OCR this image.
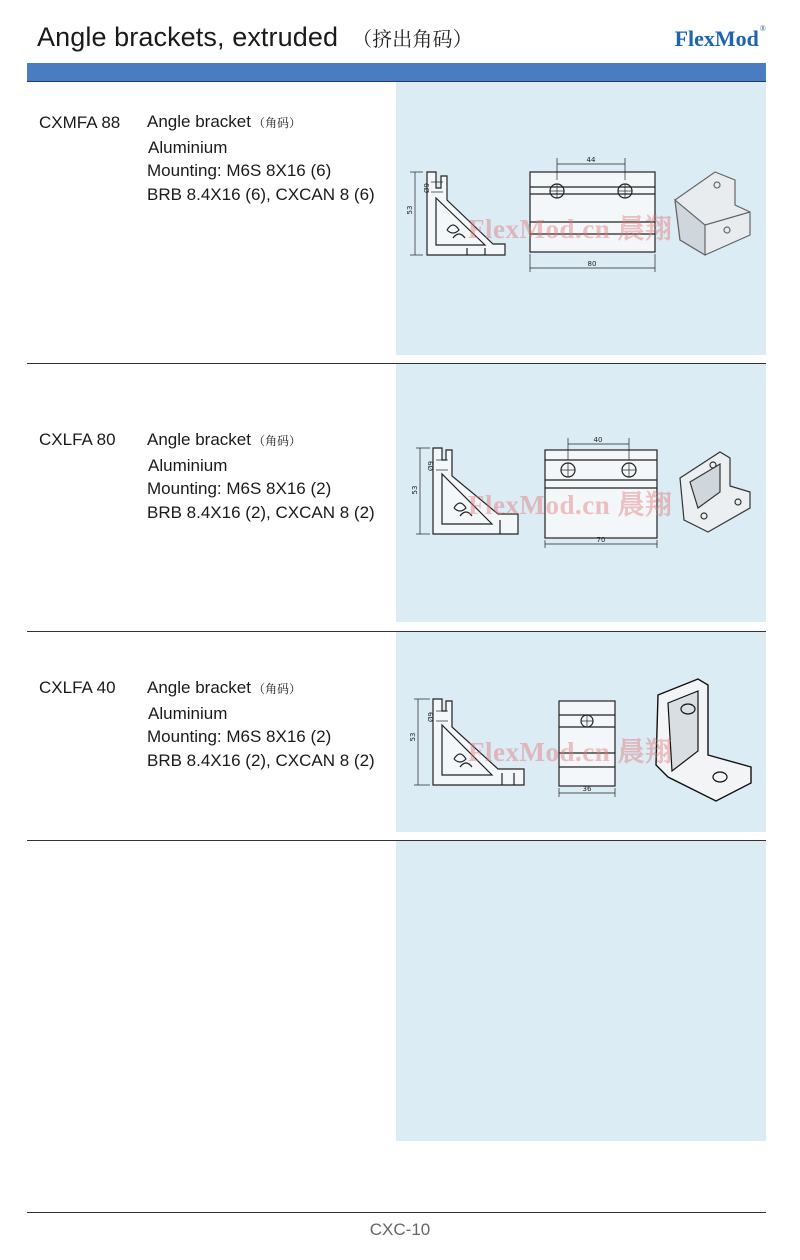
Angle brackets, extruded （挤出角码）	FlexMod®
CXMFA 88 Angle bracket （角码）
Aluminium
Mounting: M6S 8X16 (6)
BRB 8.4X16 (6), CXCAN 8 (6)
53
Ø9
44
80
FlexMod.cn 晨翔
CXLFA 80 Angle bracket （角码）
Aluminium
Mounting: M6S 8X16 (2)
BRB 8.4X16 (2), CXCAN 8 (2)
53
Ø9
40
70
FlexMod.cn 晨翔
CXLFA 40 Angle bracket （角码）
Aluminium
Mounting: M6S 8X16 (2)
BRB 8.4X16 (2), CXCAN 8 (2)
53
Ø9
36
FlexMod.cn 晨翔
CXC-10
